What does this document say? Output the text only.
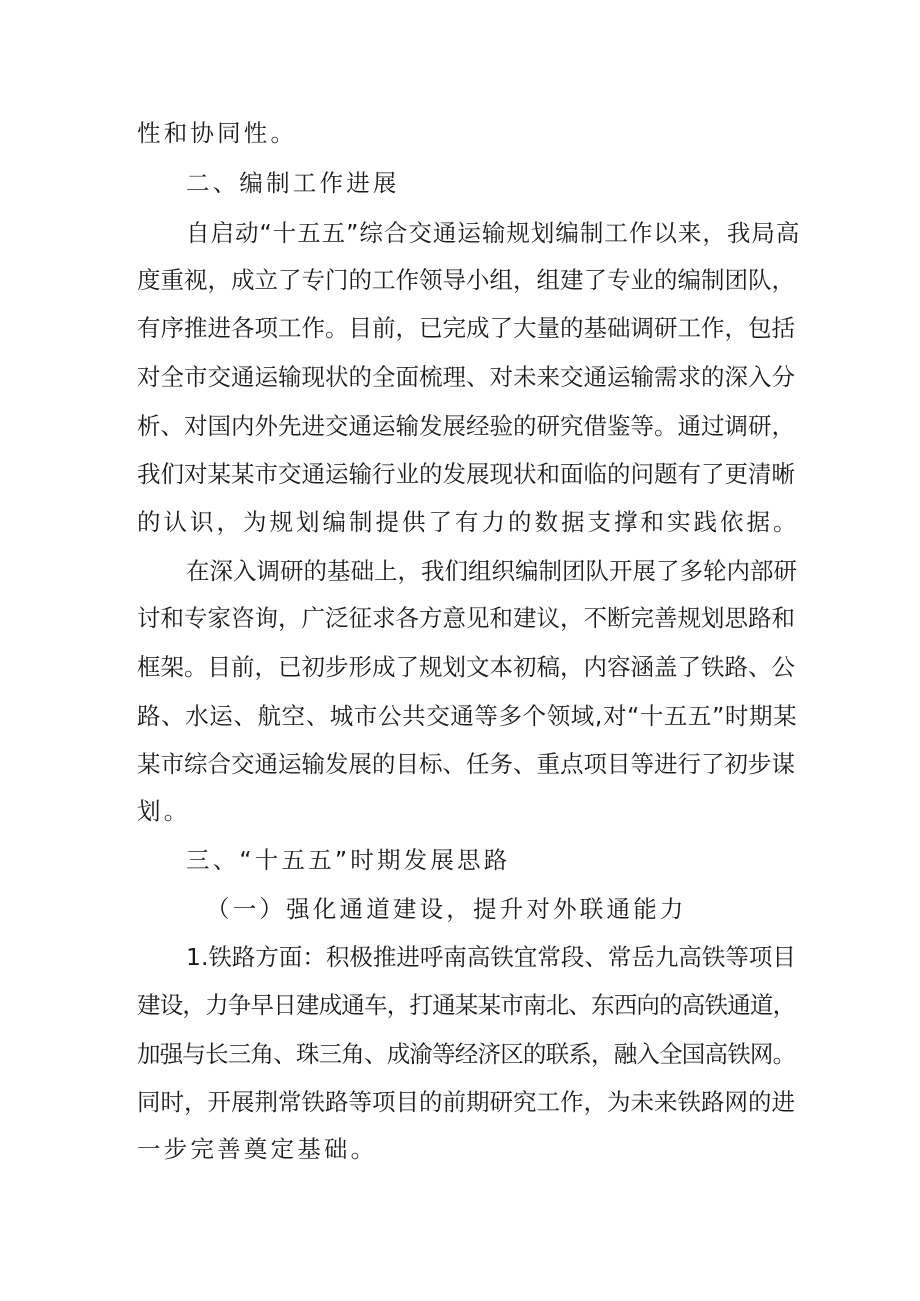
性和协同性。

二、编制工作进展

自启动“十五五”综合交通运输规划编制工作以来，我局高

度重视，成立了专门的工作领导小组，组建了专业的编制团队，

有序推进各项工作。目前，已完成了大量的基础调研工作，包括

对全市交通运输现状的全面梳理、对未来交通运输需求的深入分

析、对国内外先进交通运输发展经验的研究借鉴等。通过调研，

我们对某某市交通运输行业的发展现状和面临的问题有了更清晰

的认识，为规划编制提供了有力的数据支撑和实践依据。

在深入调研的基础上，我们组织编制团队开展了多轮内部研

讨和专家咨询，广泛征求各方意见和建议，不断完善规划思路和

框架。目前，已初步形成了规划文本初稿，内容涵盖了铁路、公

路、水运、航空、城市公共交通等多个领域,对“十五五”时期某

某市综合交通运输发展的目标、任务、重点项目等进行了初步谋

划。

三、“十五五”时期发展思路

（一）强化通道建设，提升对外联通能力

1.铁路方面：积极推进呼南高铁宜常段、常岳九高铁等项目

建设，力争早日建成通车，打通某某市南北、东西向的高铁通道，

加强与长三角、珠三角、成渝等经济区的联系，融入全国高铁网。

同时，开展荆常铁路等项目的前期研究工作，为未来铁路网的进

一步完善奠定基础。
